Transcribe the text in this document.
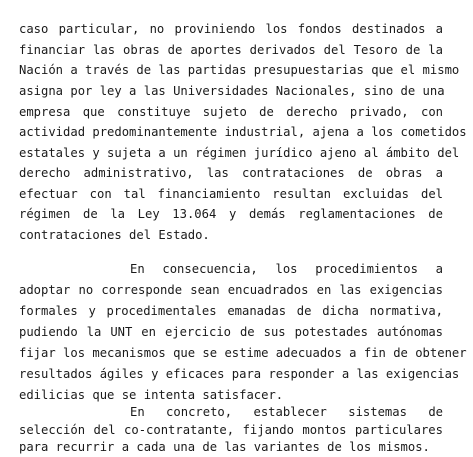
caso particular, no proviniendo los fondos destinados a
financiar las obras de aportes derivados del Tesoro de la
Nación a través de las partidas presupuestarias que el mismo
asigna por ley a las Universidades Nacionales, sino de una
empresa que constituye sujeto de derecho privado, con
actividad predominantemente industrial, ajena a los cometidos
estatales y sujeta a un régimen jurídico ajeno al ámbito del
derecho administrativo, las contrataciones de obras a
efectuar con tal financiamiento resultan excluidas del
régimen de la Ley 13.064 y demás reglamentaciones de
contrataciones del Estado.
En consecuencia, los procedimientos a
adoptar no corresponde sean encuadrados en las exigencias
formales y procedimentales emanadas de dicha normativa,
pudiendo la UNT en ejercicio de sus potestades autónomas
fijar los mecanismos que se estime adecuados a fin de obtener
resultados ágiles y eficaces para responder a las exigencias
edilicias que se intenta satisfacer.
En concreto, establecer sistemas de
selección del co-contratante, fijando montos particulares
para recurrir a cada una de las variantes de los mismos.
